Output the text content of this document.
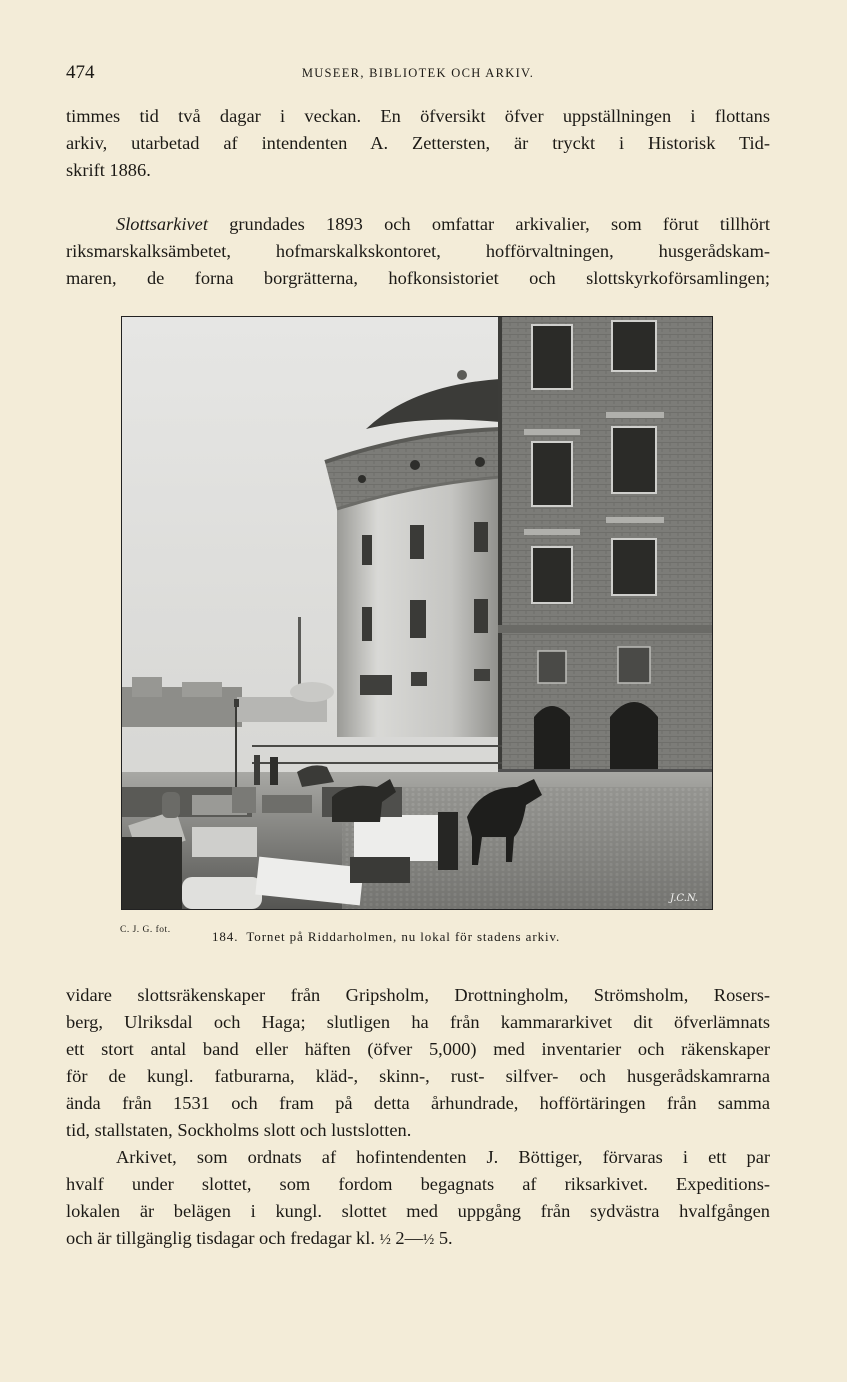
474	MUSEER, BIBLIOTEK OCH ARKIV.

timmes tid två dagar i veckan. En öfversikt öfver uppställningen i flottans
arkiv, utarbetad af intendenten A. Zettersten, är tryckt i Historisk Tid-
skrift 1886.

Slottsarkivet grundades 1893 och omfattar arkivalier, som förut tillhört
riksmarskalksämbetet, hofmarskalkskontoret, hofförvaltningen, husgerådskam-
maren, de forna borgrätterna, hofkonsistoriet och slottskyrkoförsamlingen;

J.C.N.
C. J. G. fot.	184. Tornet på Riddarholmen, nu lokal för stadens arkiv.

vidare slottsräkenskaper från Gripsholm, Drottningholm, Strömsholm, Rosers-
berg, Ulriksdal och Haga; slutligen ha från kammararkivet dit öfverlämnats
ett stort antal band eller häften (öfver 5,000) med inventarier och räkenskaper
för de kungl. fatburarna, kläd-, skinn-, rust- silfver- och husgerådskamrarna
ända från 1531 och fram på detta århundrade, hofförtäringen från samma
tid, stallstaten, Sockholms slott och lustslotten.

Arkivet, som ordnats af hofintendenten J. Böttiger, förvaras i ett par
hvalf under slottet, som fordom begagnats af riksarkivet. Expeditions-
lokalen är belägen i kungl. slottet med uppgång från sydvästra hvalfgången
och är tillgänglig tisdagar och fredagar kl. ½ 2—½ 5.
